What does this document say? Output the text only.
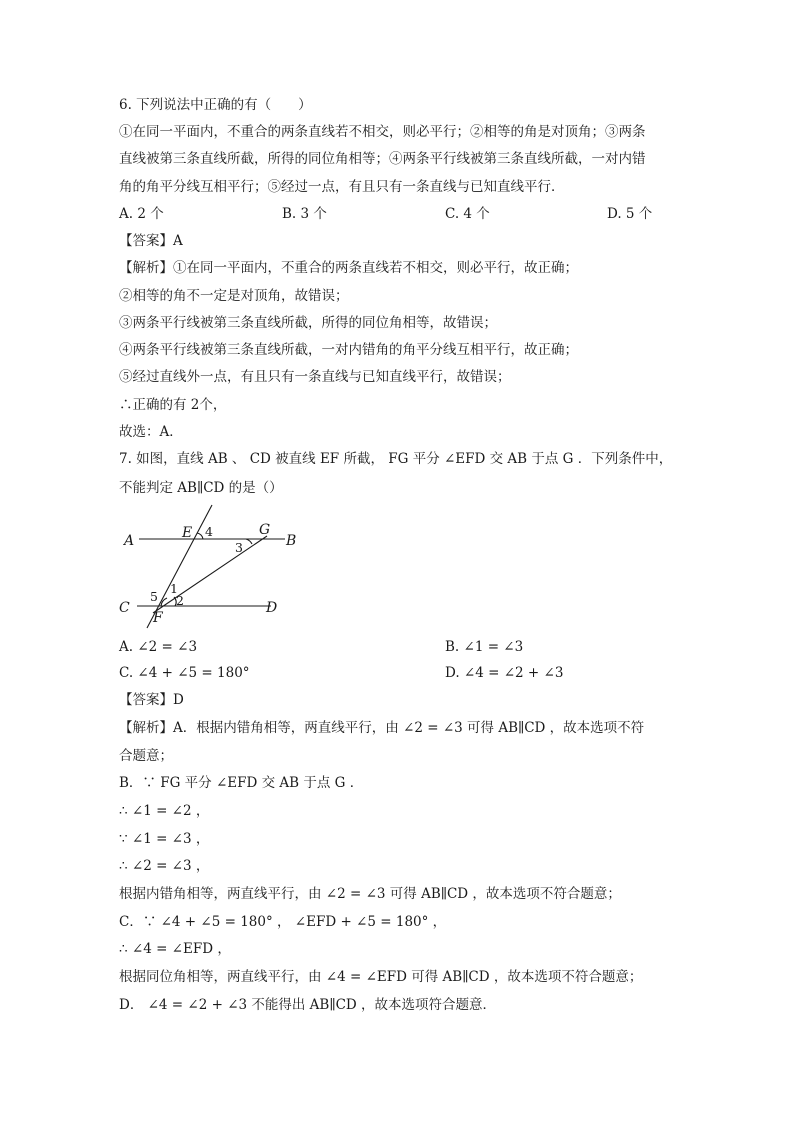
6. 下列说法中正确的有（　　）
①在同一平面内，不重合的两条直线若不相交，则必平行；②相等的角是对顶角；③两条
直线被第三条直线所截，所得的同位角相等；④两条平行线被第三条直线所截，一对内错
角的角平分线互相平行；⑤经过一点，有且只有一条直线与已知直线平行．
A. 2 个	B. 3 个	C. 4 个	D. 5 个
【答案】A
【解析】①在同一平面内，不重合的两条直线若不相交，则必平行，故正确；
②相等的角不一定是对顶角，故错误；
③两条平行线被第三条直线所截，所得的同位角相等，故错误；
④两条平行线被第三条直线所截，一对内错角的角平分线互相平行，故正确；
⑤经过直线外一点，有且只有一条直线与已知直线平行，故错误；
∴正确的有 2个，
故选：A．
7. 如图，直线 AB 、 CD 被直线 EF 所截， FG 平分 ∠EFD 交 AB 于点 G ．下列条件中，
不能判定 AB∥CD 的是（）
A	B
C	D
E
F
G
4
3
1
2
5
A. ∠2 = ∠3	B. ∠1 = ∠3
C. ∠4 + ∠5 = 180°	D. ∠4 = ∠2 + ∠3
【答案】D
【解析】A．根据内错角相等，两直线平行，由 ∠2 = ∠3 可得 AB∥CD ，故本选项不符
合题意；
B．∵ FG 平分 ∠EFD 交 AB 于点 G ．
∴ ∠1 = ∠2 ，
∵ ∠1 = ∠3 ，
∴ ∠2 = ∠3 ，
根据内错角相等，两直线平行，由 ∠2 = ∠3 可得 AB∥CD ，故本选项不符合题意；
C．∵ ∠4 + ∠5 = 180° ， ∠EFD + ∠5 = 180° ，
∴ ∠4 = ∠EFD ，
根据同位角相等，两直线平行，由 ∠4 = ∠EFD 可得 AB∥CD ，故本选项不符合题意；
D． ∠4 = ∠2 + ∠3 不能得出 AB∥CD ，故本选项符合题意．
